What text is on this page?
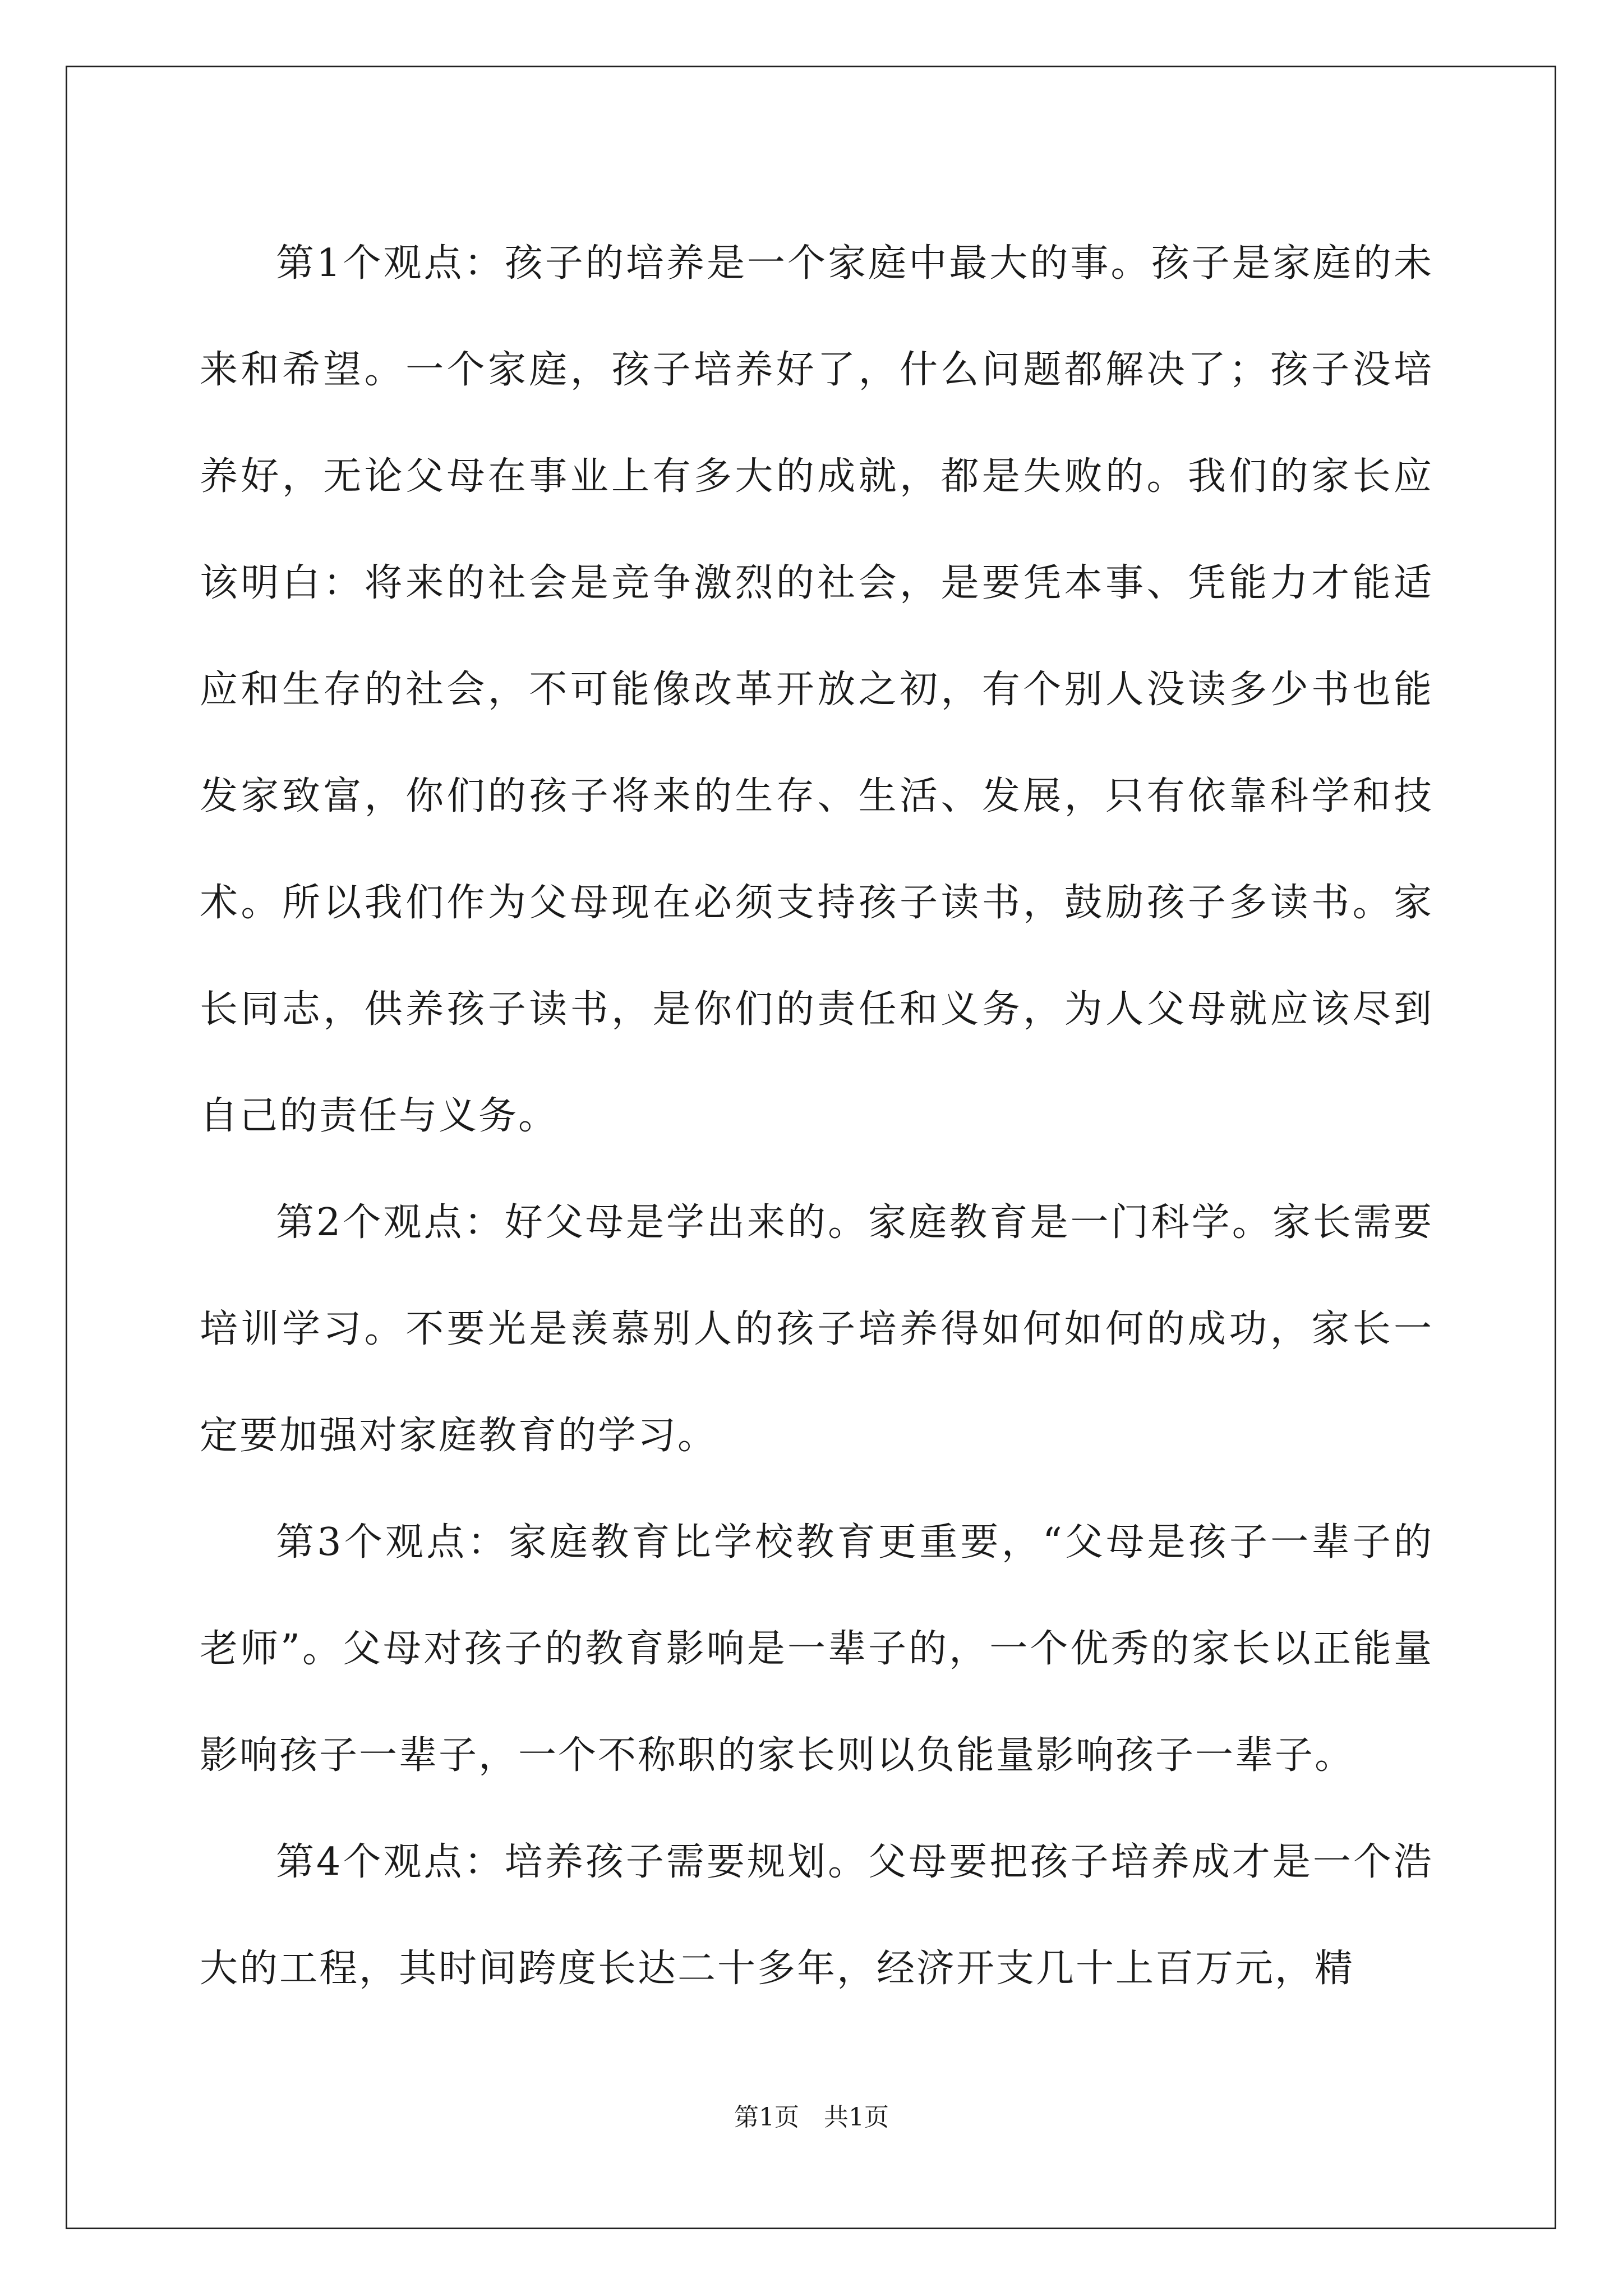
第1个观点：孩子的培养是一个家庭中最大的事。孩子是家庭的未来和希望。一个家庭，孩子培养好了，什么问题都解决了；孩子没培养好，无论父母在事业上有多大的成就，都是失败的。我们的家长应该明白：将来的社会是竞争激烈的社会，是要凭本事、凭能力才能适应和生存的社会，不可能像改革开放之初，有个别人没读多少书也能发家致富，你们的孩子将来的生存、生活、发展，只有依靠科学和技术。所以我们作为父母现在必须支持孩子读书，鼓励孩子多读书。家长同志，供养孩子读书，是你们的责任和义务，为人父母就应该尽到自己的责任与义务。

第2个观点：好父母是学出来的。家庭教育是一门科学。家长需要培训学习。不要光是羡慕别人的孩子培养得如何如何的成功，家长一定要加强对家庭教育的学习。

第3个观点：家庭教育比学校教育更重要，“父母是孩子一辈子的老师”。父母对孩子的教育影响是一辈子的，一个优秀的家长以正能量影响孩子一辈子，一个不称职的家长则以负能量影响孩子一辈子。

第4个观点：培养孩子需要规划。父母要把孩子培养成才是一个浩大的工程，其时间跨度长达二十多年，经济开支几十上百万元，精

第1页 共1页
